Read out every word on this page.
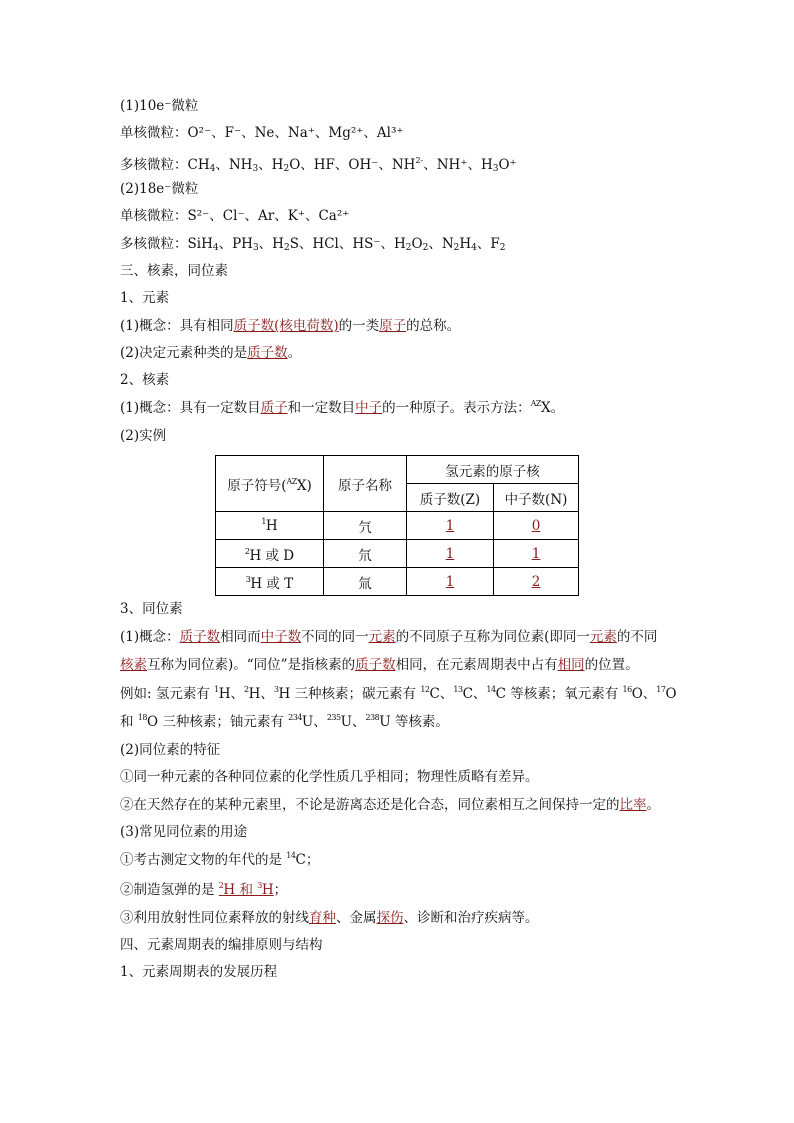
(1)10e⁻微粒
单核微粒：O²⁻、F⁻、Ne、Na⁺、Mg²⁺、Al³⁺
多核微粒：$CH_4$、$NH_3$、$H_2O$、HF、OH⁻、$NH^{2-}$、NH⁺、$H_3O^+$
(2)18e⁻微粒
单核微粒：S²⁻、Cl⁻、Ar、K⁺、Ca²⁺
多核微粒：SiH$_4$、$PH_3$、$H_2S$、HCl、HS⁻、$H_2O_2$、$N_2H_4$、$F_2$
三、核素，同位素
1、元素
(1)概念：具有相同质子数(核电荷数)的一类原子的总称。
(2)决定元素种类的是质子数。
2、核素
(1)概念：具有一定数目质子和一定数目中子的一种原子。表示方法：$^{AZ}$X。
(2)实例
原子符号($^{AZ}$X)	原子名称	氢元素的原子核	
		质子数(Z)	中子数(N)
$^1$H	氕	1	0
$^2$H 或 D	氘	1	1
$^3$H 或 T	氚	1	2
3、同位素
(1)概念：质子数相同而中子数不同的同一元素的不同原子互称为同位素(即同一元素的不同
核素互称为同位素)。“同位”是指核素的质子数相同，在元素周期表中占有相同的位置。
例如: 氢元素有 $^1$H、$^2$H、$^3$H 三种核素；碳元素有 $^{12}$C、$^{13}$C、$^{14}$C 等核素；氧元素有 $^{16}$O、$^{17}$O
和 $^{18}$O 三种核素；铀元素有 $^{234}$U、$^{235}$U、$^{238}$U 等核素。
(2)同位素的特征
①同一种元素的各种同位素的化学性质几乎相同；物理性质略有差异。
②在天然存在的某种元素里，不论是游离态还是化合态，同位素相互之间保持一定的比率。
(3)常见同位素的用途
①考古测定文物的年代的是 $^{14}$C；
②制造氢弹的是 $^2$H 和 $^3$H；
③利用放射性同位素释放的射线育种、金属探伤、诊断和治疗疾病等。
四、元素周期表的编排原则与结构
1、元素周期表的发展历程
